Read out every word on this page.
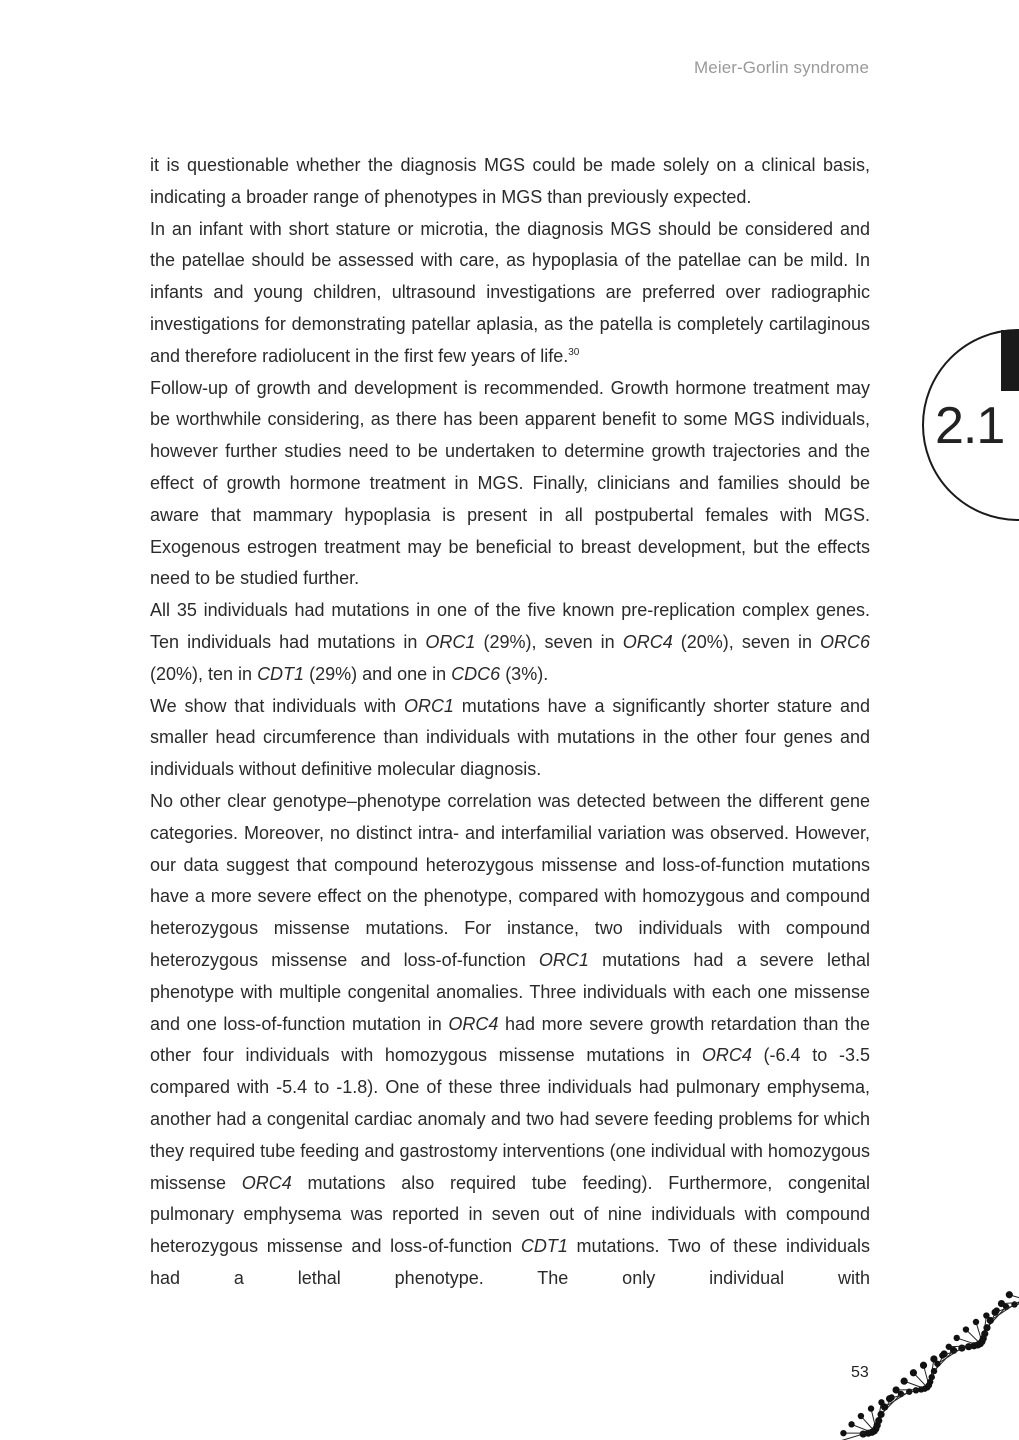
Meier-Gorlin syndrome

it is questionable whether the diagnosis MGS could be made solely on a clinical basis, indicating a broader range of phenotypes in MGS than previously expected.

In an infant with short stature or microtia, the diagnosis MGS should be considered and the patellae should be assessed with care, as hypoplasia of the patellae can be mild. In infants and young children, ultrasound investigations are preferred over radiographic investigations for demonstrating patellar aplasia, as the patella is completely cartilaginous and therefore radiolucent in the first few years of life.$^{30}$

Follow-up of growth and development is recommended. Growth hormone treatment may be worthwhile considering, as there has been apparent benefit to some MGS individuals, however further studies need to be undertaken to determine growth trajectories and the effect of growth hormone treatment in MGS. Finally, clinicians and families should be aware that mammary hypoplasia is present in all postpubertal females with MGS. Exogenous estrogen treatment may be beneficial to breast development, but the effects need to be studied further.

All 35 individuals had mutations in one of the five known pre-replication complex genes. Ten individuals had mutations in ORC1 (29%), seven in ORC4 (20%), seven in ORC6 (20%), ten in CDT1 (29%) and one in CDC6 (3%).

We show that individuals with ORC1 mutations have a significantly shorter stature and smaller head circumference than individuals with mutations in the other four genes and individuals without definitive molecular diagnosis.

No other clear genotype–phenotype correlation was detected between the different gene categories. Moreover, no distinct intra- and interfamilial variation was observed. However, our data suggest that compound heterozygous missense and loss-of-function mutations have a more severe effect on the phenotype, compared with homozygous and compound heterozygous missense mutations. For instance, two individuals with compound heterozygous missense and loss-of-function ORC1 mutations had a severe lethal phenotype with multiple congenital anomalies. Three individuals with each one missense and one loss-of-function mutation in ORC4 had more severe growth retardation than the other four individuals with homozygous missense mutations in ORC4 (-6.4 to -3.5 compared with -5.4 to -1.8). One of these three individuals had pulmonary emphysema, another had a congenital cardiac anomaly and two had severe feeding problems for which they required tube feeding and gastrostomy interventions (one individual with homozygous missense ORC4 mutations also required tube feeding). Furthermore, congenital pulmonary emphysema was reported in seven out of nine individuals with compound heterozygous missense and loss-of-function CDT1 mutations. Two of these individuals had a lethal phenotype. The only individual with

2.1
53
